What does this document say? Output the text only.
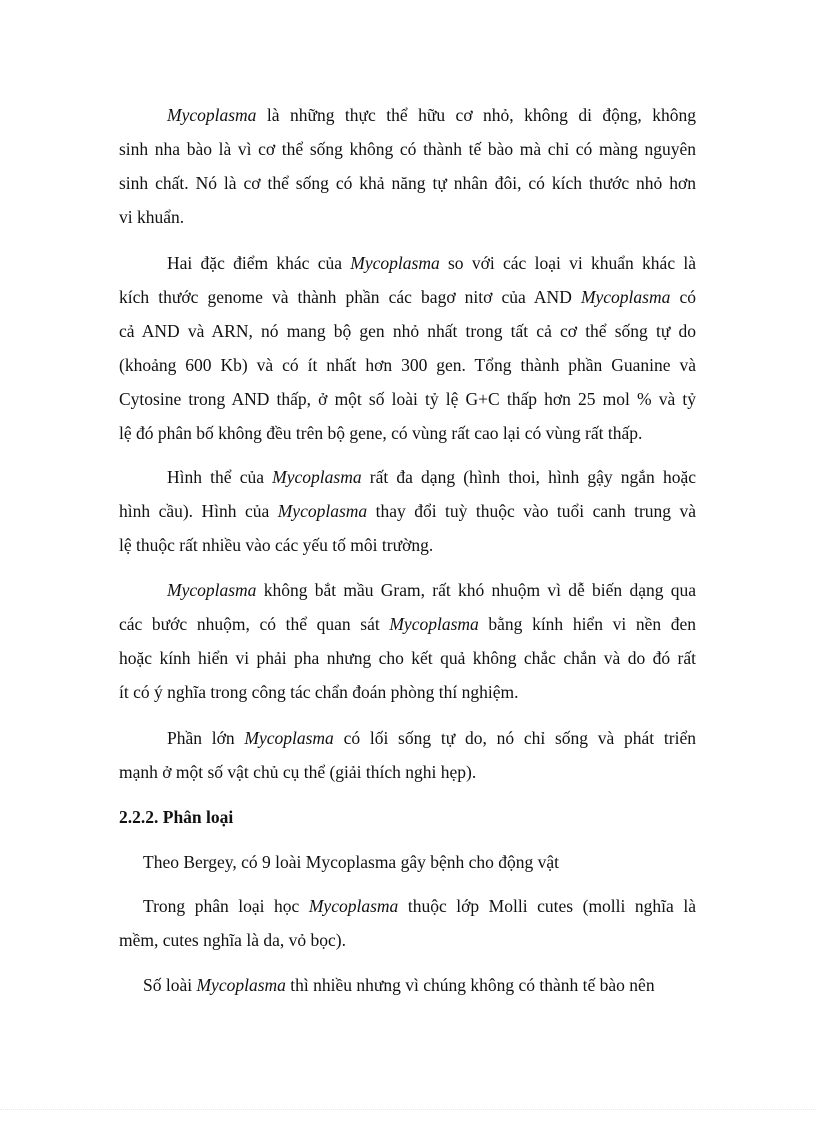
Mycoplasma là những thực thể hữu cơ nhỏ, không di động, không
sinh nha bào là vì cơ thể sống không có thành tế bào mà chỉ có màng nguyên
sinh chất. Nó là cơ thể sống có khả năng tự nhân đôi, có kích thước nhỏ hơn
vi khuẩn.
Hai đặc điểm khác của Mycoplasma so với các loại vi khuẩn khác là
kích thước genome và thành phần các bagơ nitơ của AND Mycoplasma có
cả AND và ARN, nó mang bộ gen nhỏ nhất trong tất cả cơ thể sống tự do
(khoảng 600 Kb) và có ít nhất hơn 300 gen. Tổng thành phần Guanine và
Cytosine trong AND thấp, ở một số loài tỷ lệ G+C thấp hơn 25 mol % và tỷ
lệ đó phân bố không đều trên bộ gene, có vùng rất cao lại có vùng rất thấp.
Hình thể của Mycoplasma rất đa dạng (hình thoi, hình gậy ngắn hoặc
hình cầu). Hình của Mycoplasma thay đổi tuỳ thuộc vào tuổi canh trung và
lệ thuộc rất nhiều vào các yếu tố môi trường.
Mycoplasma không bắt mầu Gram, rất khó nhuộm vì dễ biến dạng qua
các bước nhuộm, có thể quan sát Mycoplasma bằng kính hiển vi nền đen
hoặc kính hiển vi phải pha nhưng cho kết quả không chắc chắn và do đó rất
ít có ý nghĩa trong công tác chẩn đoán phòng thí nghiệm.
Phần lớn Mycoplasma có lối sống tự do, nó chỉ sống và phát triển
mạnh ở một số vật chủ cụ thể (giải thích nghi hẹp).
2.2.2. Phân loại
Theo Bergey, có 9 loài Mycoplasma gây bệnh cho động vật
Trong phân loại học Mycoplasma thuộc lớp Molli cutes (molli nghĩa là
mềm, cutes nghĩa là da, vỏ bọc).
Số loài Mycoplasma thì nhiều nhưng vì chúng không có thành tế bào nên
